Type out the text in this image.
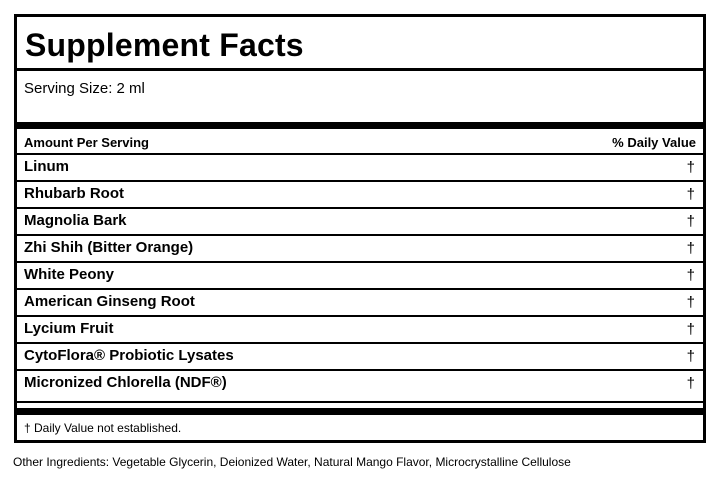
Supplement Facts
Serving Size: 2 ml
Amount Per Serving	% Daily Value
Linum	†
Rhubarb Root	†
Magnolia Bark	†
Zhi Shih (Bitter Orange)	†
White Peony	†
American Ginseng Root	†
Lycium Fruit	†
CytoFlora® Probiotic Lysates	†
Micronized Chlorella (NDF®)	†
† Daily Value not established.
Other Ingredients: Vegetable Glycerin, Deionized Water, Natural Mango Flavor, Microcrystalline Cellulose
